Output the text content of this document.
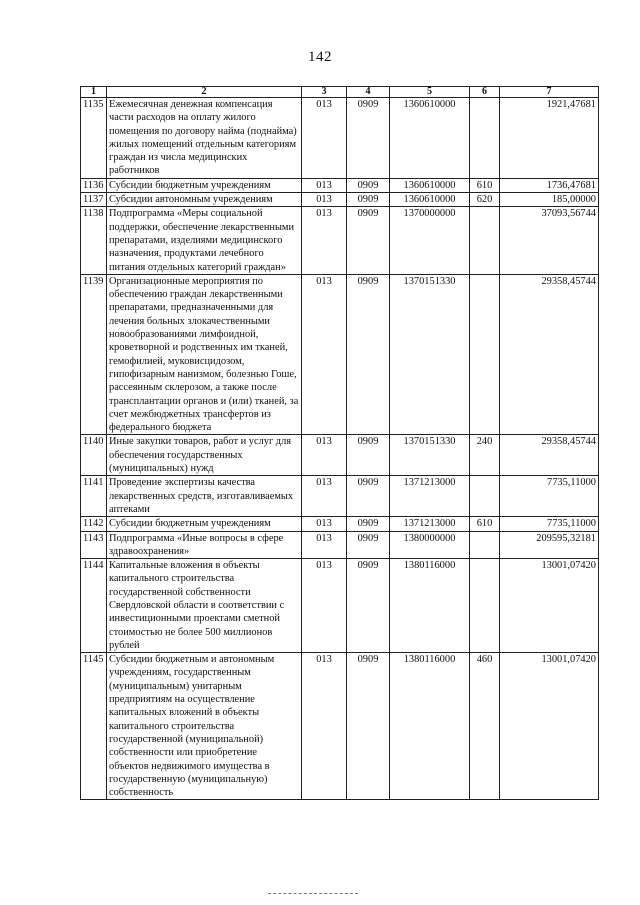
142
1	2	3	4	5	6	7
1135	Ежемесячная денежная компенсация части расходов на оплату жилого помещения по договору найма (поднайма) жилых помещений отдельным категориям граждан из числа медицинских работников	013	0909	1360610000		1921,47681
1136	Субсидии бюджетным учреждениям	013	0909	1360610000	610	1736,47681
1137	Субсидии автономным учреждениям	013	0909	1360610000	620	185,00000
1138	Подпрограмма «Меры социальной поддержки, обеспечение лекарственными препаратами, изделиями медицинского назначения, продуктами лечебного питания отдельных категорий граждан»	013	0909	1370000000		37093,56744
1139	Организационные мероприятия по обеспечению граждан лекарственными препаратами, предназначенными для лечения больных злокачественными новообразованиями лимфоидной, кроветворной и родственных им тканей, гемофилией, муковисцидозом, гипофизарным нанизмом, болезнью Гоше, рассеянным склерозом, а также после трансплантации органов и (или) тканей, за счет межбюджетных трансфертов из федерального бюджета	013	0909	1370151330		29358,45744
1140	Иные закупки товаров, работ и услуг для обеспечения государственных (муниципальных) нужд	013	0909	1370151330	240	29358,45744
1141	Проведение экспертизы качества лекарственных средств, изготавливаемых аптеками	013	0909	1371213000		7735,11000
1142	Субсидии бюджетным учреждениям	013	0909	1371213000	610	7735,11000
1143	Подпрограмма «Иные вопросы в сфере здравоохранения»	013	0909	1380000000		209595,32181
1144	Капитальные вложения в объекты капитального строительства государственной собственности Свердловской области в соответствии с инвестиционными проектами сметной стоимостью не более 500 миллионов рублей	013	0909	1380116000		13001,07420
1145	Субсидии бюджетным и автономным учреждениям, государственным (муниципальным) унитарным предприятиям на осуществление капитальных вложений в объекты капитального строительства государственной (муниципальной) собственности или приобретение объектов недвижимого имущества в государственную (муниципальную) собственность	013	0909	1380116000	460	13001,07420
